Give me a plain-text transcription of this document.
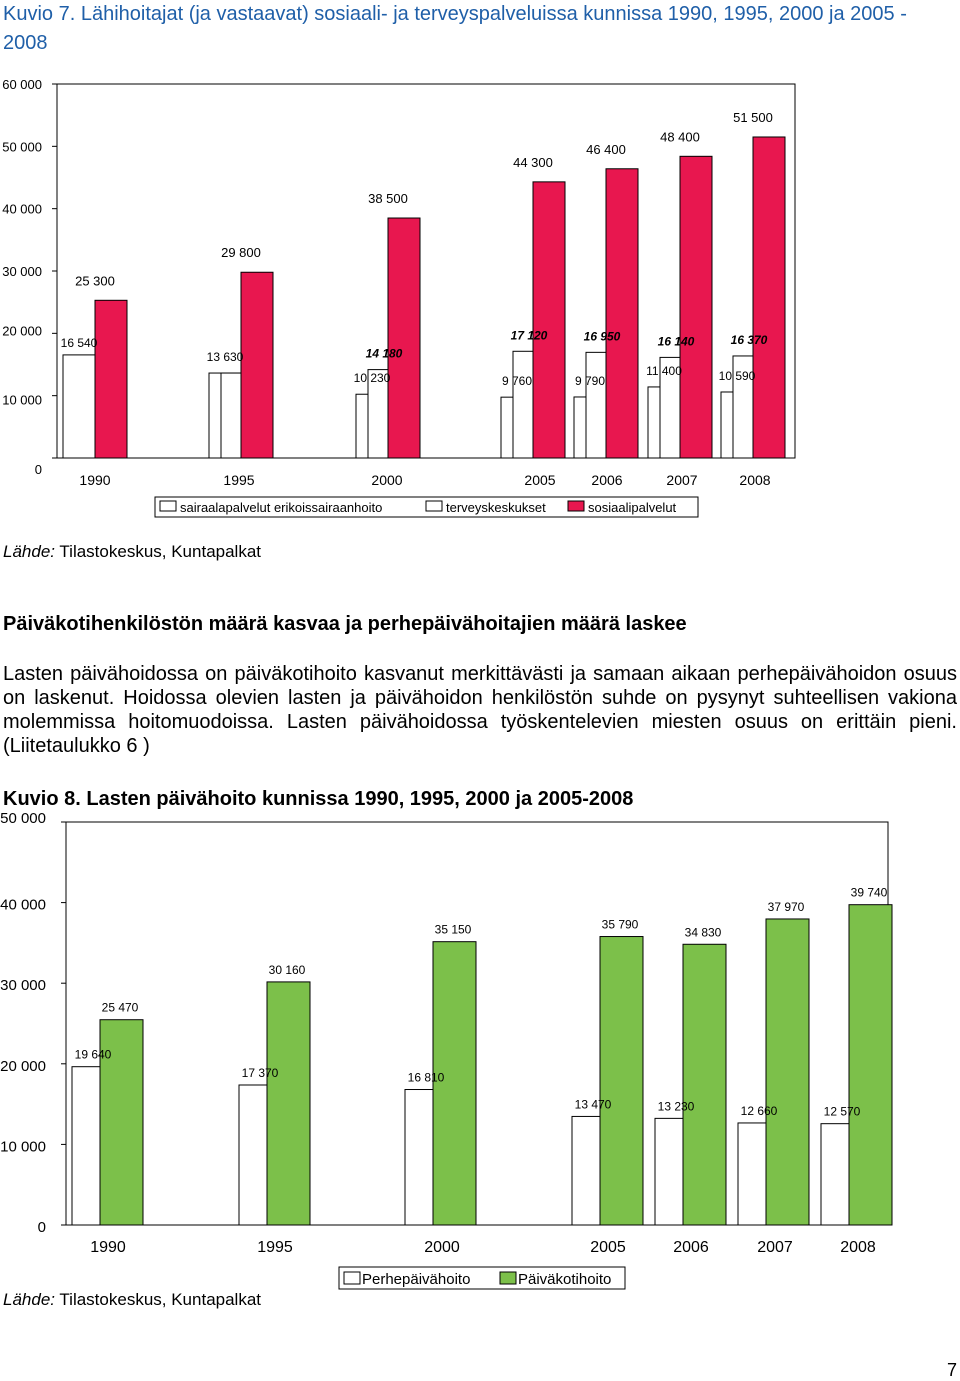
Kuvio 7. Lähihoitajat (ja vastaavat) sosiaali- ja terveyspalveluissa kunnissa 1990, 1995, 2000 ja 2005 - 2008
0
10 000
20 000
30 000
40 000
50 000
60 000
25 300
16 540
1990
29 800
13 630
1995
38 500
10 230
14 180
2000
44 300
9 760
17 120
2005
46 400
9 790
16 950
2006
48 400
11 400
16 140
2007
51 500
10 590
16 370
2008
sairaalapalvelut erikoissairaanhoito	terveyskeskukset	sosiaalipalvelut
Lähde: Tilastokeskus, Kuntapalkat
Päiväkotihenkilöstön määrä kasvaa ja perhepäivähoitajien määrä laskee
Lasten päivähoidossa on päiväkotihoito kasvanut merkittävästi ja samaan aikaan perhepäivähoidon osuus on laskenut. Hoidossa olevien lasten ja päivähoidon henkilöstön suhde on pysynyt suhteellisen vakiona molemmissa hoitomuodoissa. Lasten päivähoidossa työskentelevien miesten osuus on erittäin pieni. (Liitetaulukko 6 )
Kuvio 8. Lasten päivähoito kunnissa 1990, 1995, 2000 ja 2005-2008
0
10 000
20 000
30 000
40 000
50 000
19 640
25 470
1990
17 370
30 160
1995
16 810
35 150
2000
13 470
35 790
2005
13 230
34 830
2006
12 660
37 970
2007
12 570
39 740
2008
Perhepäivähoito	Päiväkotihoito
Lähde: Tilastokeskus, Kuntapalkat
7
